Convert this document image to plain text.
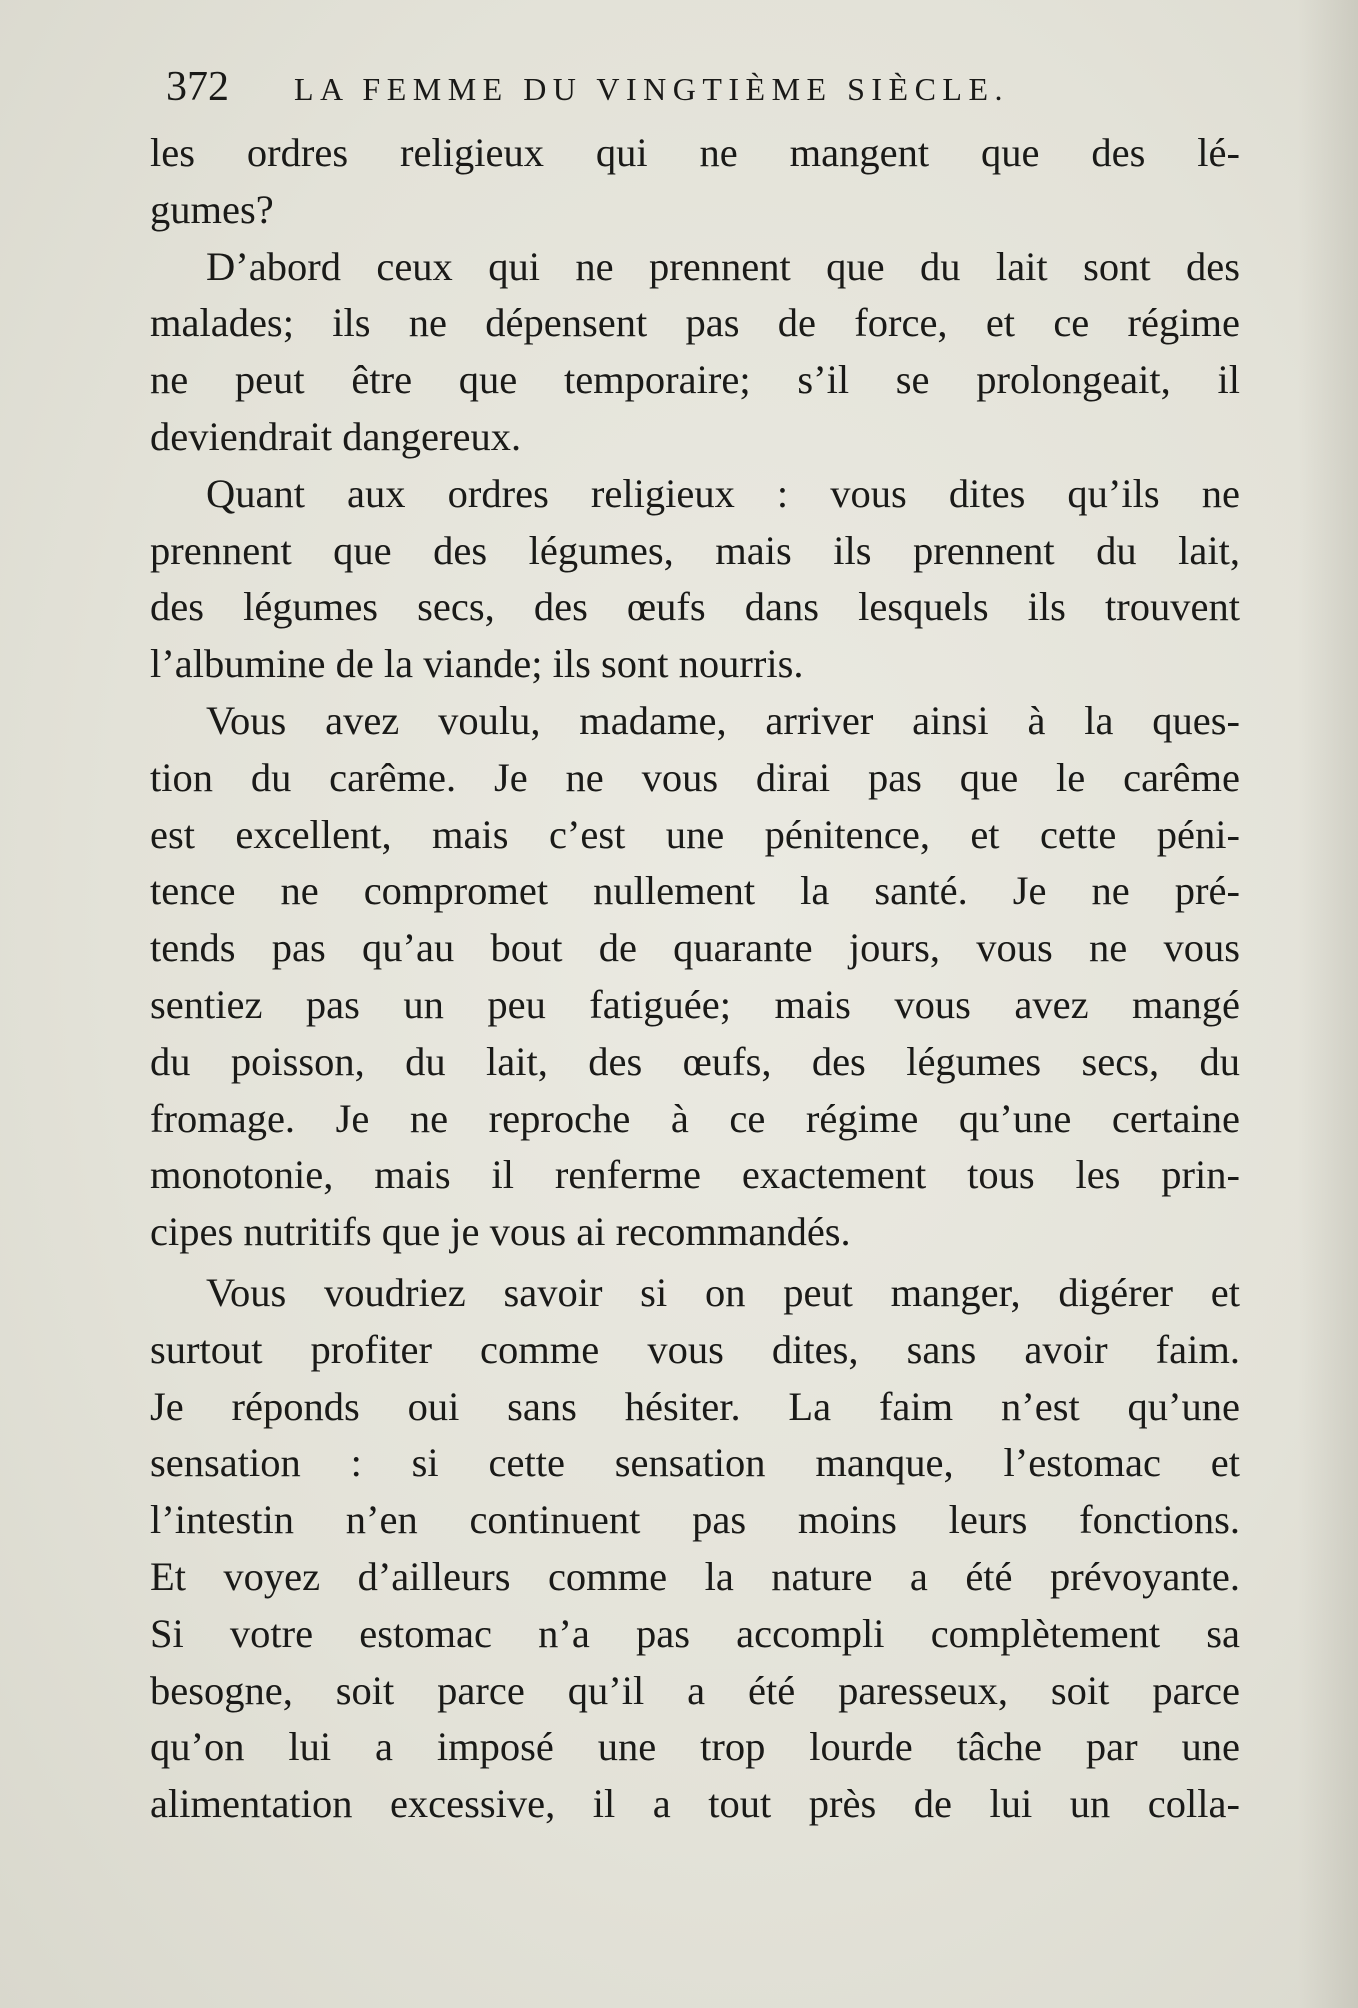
372 LA FEMME DU VINGTIÈME SIÈCLE.
les ordres religieux qui ne mangent que des lé-
gumes?
D’abord ceux qui ne prennent que du lait sont des
malades; ils ne dépensent pas de force, et ce régime
ne peut être que temporaire; s’il se prolongeait, il
deviendrait dangereux.
Quant aux ordres religieux : vous dites qu’ils ne
prennent que des légumes, mais ils prennent du lait,
des légumes secs, des œufs dans lesquels ils trouvent
l’albumine de la viande; ils sont nourris.
Vous avez voulu, madame, arriver ainsi à la ques-
tion du carême. Je ne vous dirai pas que le carême
est excellent, mais c’est une pénitence, et cette péni-
tence ne compromet nullement la santé. Je ne pré-
tends pas qu’au bout de quarante jours, vous ne vous
sentiez pas un peu fatiguée; mais vous avez mangé
du poisson, du lait, des œufs, des légumes secs, du
fromage. Je ne reproche à ce régime qu’une certaine
monotonie, mais il renferme exactement tous les prin-
cipes nutritifs que je vous ai recommandés.
Vous voudriez savoir si on peut manger, digérer et
surtout profiter comme vous dites, sans avoir faim.
Je réponds oui sans hésiter. La faim n’est qu’une
sensation : si cette sensation manque, l’estomac et
l’intestin n’en continuent pas moins leurs fonctions.
Et voyez d’ailleurs comme la nature a été prévoyante.
Si votre estomac n’a pas accompli complètement sa
besogne, soit parce qu’il a été paresseux, soit parce
qu’on lui a imposé une trop lourde tâche par une
alimentation excessive, il a tout près de lui un colla-
